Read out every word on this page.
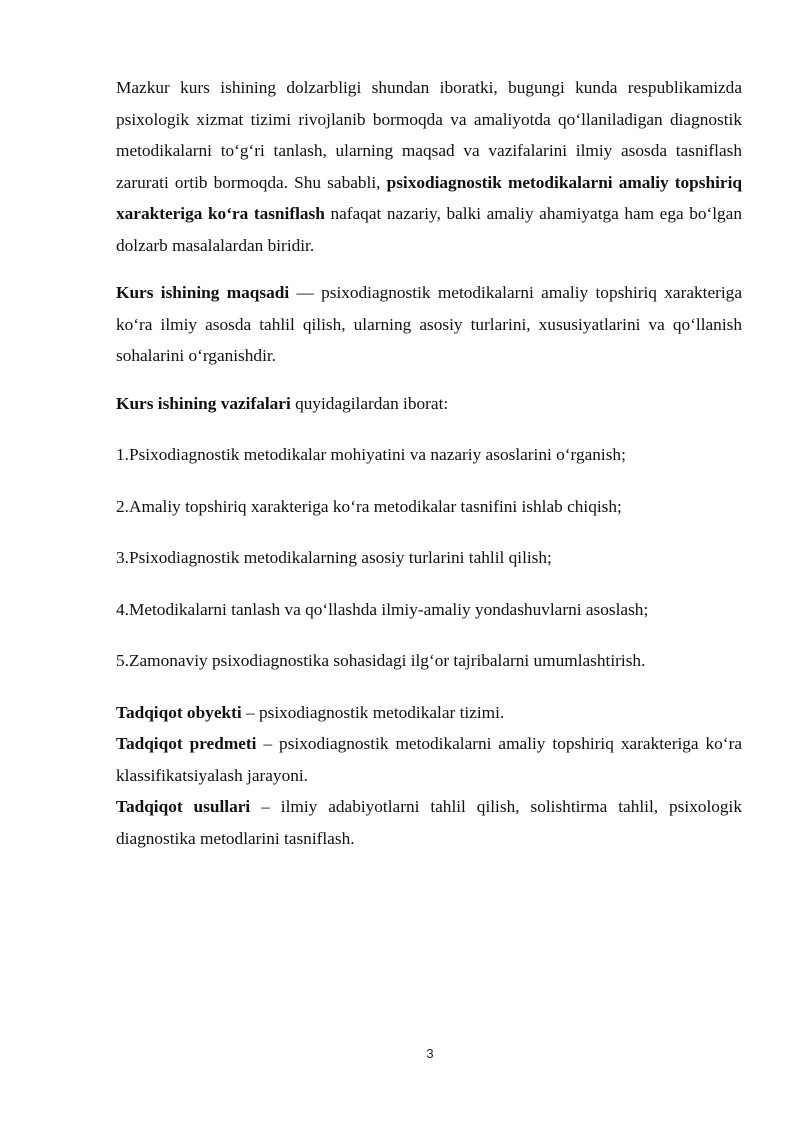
Mazkur kurs ishining dolzarbligi shundan iboratki, bugungi kunda respublikamizda psixologik xizmat tizimi rivojlanib bormoqda va amaliyotda qo‘llaniladigan diagnostik metodikalarni to‘g‘ri tanlash, ularning maqsad va vazifalarini ilmiy asosda tasniflash zarurati ortib bormoqda. Shu sababli, psixodiagnostik metodikalarni amaliy topshiriq xarakteriga ko‘ra tasniflash nafaqat nazariy, balki amaliy ahamiyatga ham ega bo‘lgan dolzarb masalalardan biridir.

Kurs ishining maqsadi — psixodiagnostik metodikalarni amaliy topshiriq xarakteriga ko‘ra ilmiy asosda tahlil qilish, ularning asosiy turlarini, xususiyatlarini va qo‘llanish sohalarini o‘rganishdir.

Kurs ishining vazifalari quyidagilardan iborat:

1.Psixodiagnostik metodikalar mohiyatini va nazariy asoslarini o‘rganish;

2.Amaliy topshiriq xarakteriga ko‘ra metodikalar tasnifini ishlab chiqish;

3.Psixodiagnostik metodikalarning asosiy turlarini tahlil qilish;

4.Metodikalarni tanlash va qo‘llashda ilmiy-amaliy yondashuvlarni asoslash;

5.Zamonaviy psixodiagnostika sohasidagi ilg‘or tajribalarni umumlashtirish.

Tadqiqot obyekti – psixodiagnostik metodikalar tizimi.

Tadqiqot predmeti – psixodiagnostik metodikalarni amaliy topshiriq xarakteriga ko‘ra klassifikatsiyalash jarayoni.

Tadqiqot usullari – ilmiy adabiyotlarni tahlil qilish, solishtirma tahlil, psixologik diagnostika metodlarini tasniflash.

3
